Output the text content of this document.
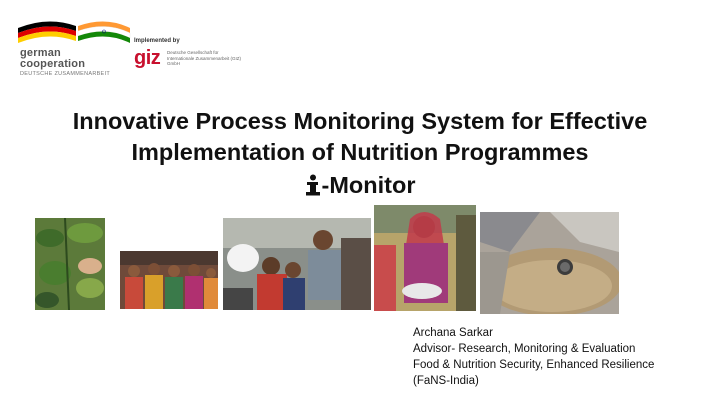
german
cooperation
DEUTSCHE ZUSAMMENARBEIT
Implemented by
giz Deutsche Gesellschaft für Internationale Zusammenarbeit (GIZ) GmbH
Innovative Process Monitoring System for Effective
Implementation of Nutrition Programmes
-Monitor
Archana Sarkar
Advisor- Research, Monitoring & Evaluation
Food & Nutrition Security, Enhanced Resilience
(FaNS-India)
